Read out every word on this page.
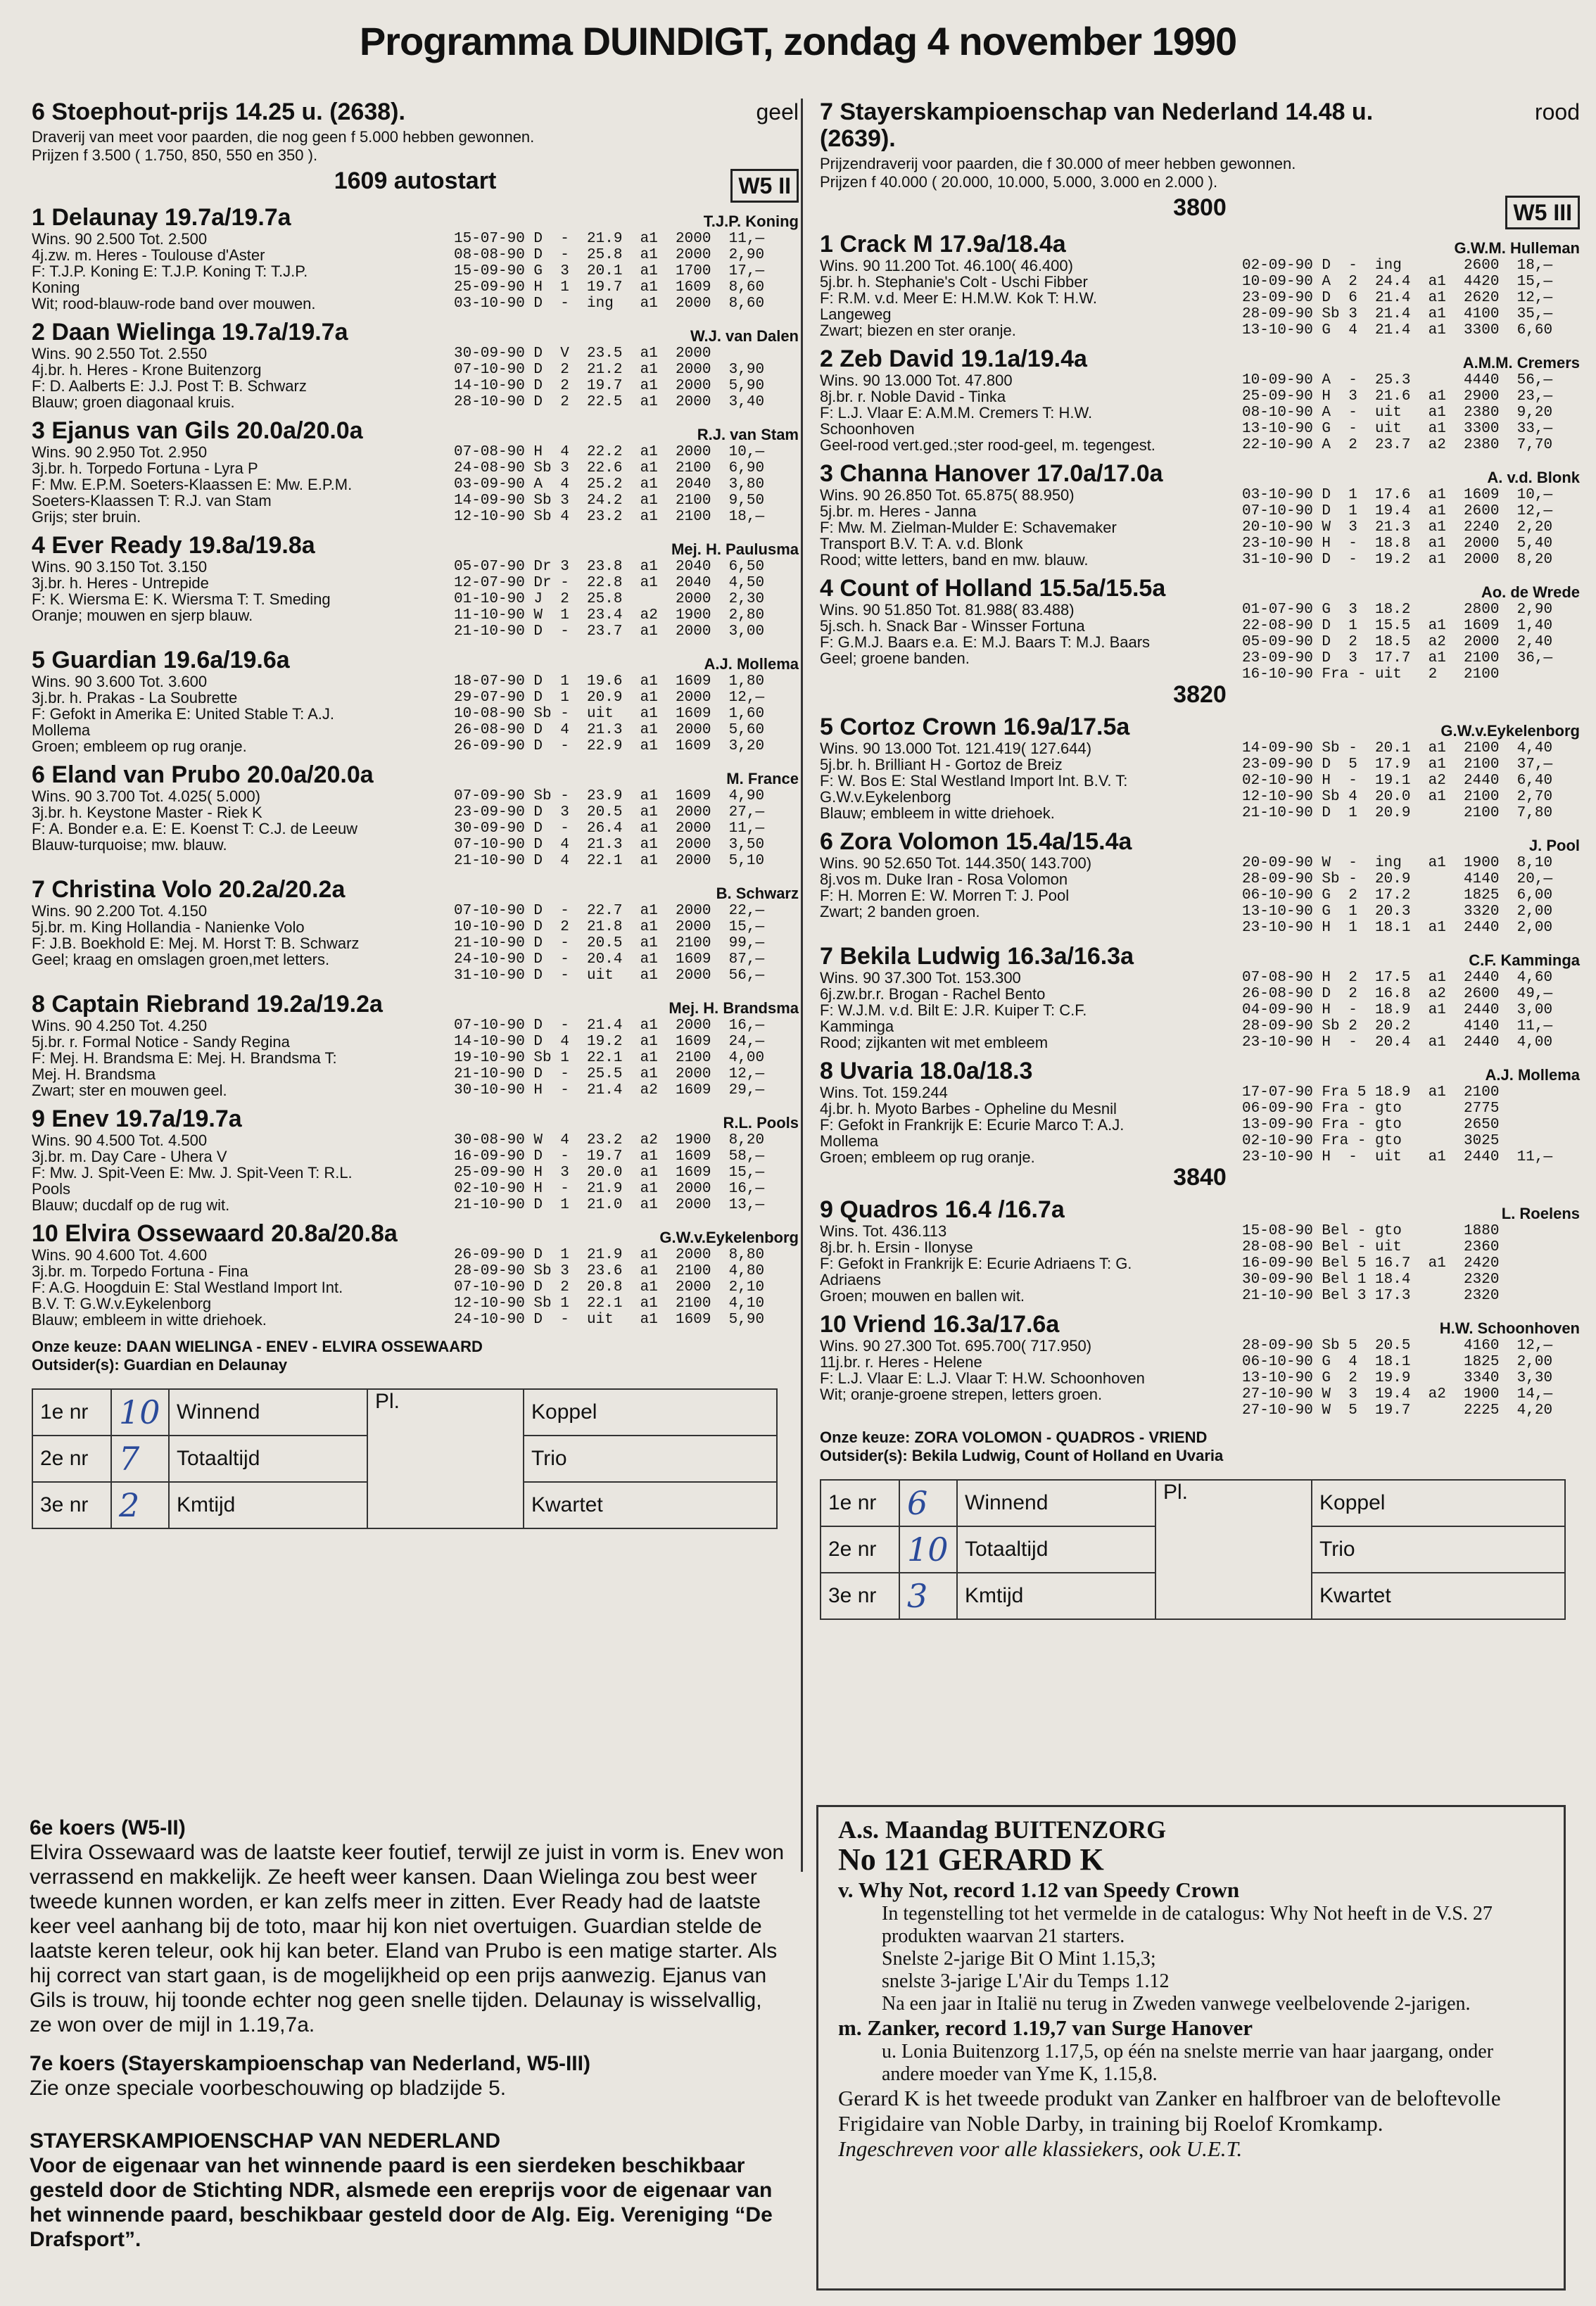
Programma DUINDIGT, zondag 4 november 1990
6 Stoephout-prijs 14.25 u. (2638).	geel
Draverij van meet voor paarden, die nog geen f 5.000 hebben gewonnen.
Prijzen f 3.500 ( 1.750, 850, 550 en 350 ).
1609 autostart	W5 II
1 Delaunay 19.7a/19.7a	T.J.P. Koning
Wins. 90 2.500 Tot. 2.500
4j.zw. m. Heres - Toulouse d'Aster
F: T.J.P. Koning E: T.J.P. Koning T: T.J.P.
Koning
Wit; rood-blauw-rode band over mouwen.
15-07-90 D  -  21.9  a1  2000  11,—
08-08-90 D  -  25.8  a1  2000  2,90
15-09-90 G  3  20.1  a1  1700  17,—
25-09-90 H  1  19.7  a1  1609  8,60
03-10-90 D  -  ing   a1  2000  8,60
2 Daan Wielinga 19.7a/19.7a	W.J. van Dalen
Wins. 90 2.550 Tot. 2.550
4j.br. h. Heres - Krone Buitenzorg
F: D. Aalberts E: J.J. Post T: B. Schwarz
Blauw; groen diagonaal kruis.
30-09-90 D  V  23.5  a1  2000
07-10-90 D  2  21.2  a1  2000  3,90
14-10-90 D  2  19.7  a1  2000  5,90
28-10-90 D  2  22.5  a1  2000  3,40
3 Ejanus van Gils 20.0a/20.0a	R.J. van Stam
Wins. 90 2.950 Tot. 2.950
3j.br. h. Torpedo Fortuna - Lyra P
F: Mw. E.P.M. Soeters-Klaassen E: Mw. E.P.M.
Soeters-Klaassen T: R.J. van Stam
Grijs; ster bruin.
07-08-90 H  4  22.2  a1  2000  10,—
24-08-90 Sb 3  22.6  a1  2100  6,90
03-09-90 A  4  25.2  a1  2040  3,80
14-09-90 Sb 3  24.2  a1  2100  9,50
12-10-90 Sb 4  23.2  a1  2100  18,—
4 Ever Ready 19.8a/19.8a	Mej. H. Paulusma
Wins. 90 3.150 Tot. 3.150
3j.br. h. Heres - Untrepide
F: K. Wiersma E: K. Wiersma T: T. Smeding
Oranje; mouwen en sjerp blauw.
05-07-90 Dr 3  23.8  a1  2040  6,50
12-07-90 Dr -  22.8  a1  2040  4,50
01-10-90 J  2  25.8      2000  2,30
11-10-90 W  1  23.4  a2  1900  2,80
21-10-90 D  -  23.7  a1  2000  3,00
5 Guardian 19.6a/19.6a	A.J. Mollema
Wins. 90 3.600 Tot. 3.600
3j.br. h. Prakas - La Soubrette
F: Gefokt in Amerika E: United Stable T: A.J.
Mollema
Groen; embleem op rug oranje.
18-07-90 D  1  19.6  a1  1609  1,80
29-07-90 D  1  20.9  a1  2000  12,—
10-08-90 Sb -  uit   a1  1609  1,60
26-08-90 D  4  21.3  a1  2000  5,60
26-09-90 D  -  22.9  a1  1609  3,20
6 Eland van Prubo 20.0a/20.0a	M. France
Wins. 90 3.700 Tot. 4.025( 5.000)
3j.br. h. Keystone Master - Riek K
F: A. Bonder e.a. E: E. Koenst T: C.J. de Leeuw
Blauw-turquoise; mw. blauw.
07-09-90 Sb -  23.9  a1  1609  4,90
23-09-90 D  3  20.5  a1  2000  27,—
30-09-90 D  -  26.4  a1  2000  11,—
07-10-90 D  4  21.3  a1  2000  3,50
21-10-90 D  4  22.1  a1  2000  5,10
7 Christina Volo 20.2a/20.2a	B. Schwarz
Wins. 90 2.200 Tot. 4.150
5j.br. m. King Hollandia - Nanienke Volo
F: J.B. Boekhold E: Mej. M. Horst T: B. Schwarz
Geel; kraag en omslagen groen,met letters.
07-10-90 D  -  22.7  a1  2000  22,—
10-10-90 D  2  21.8  a1  2000  15,—
21-10-90 D  -  20.5  a1  2100  99,—
24-10-90 D  -  20.4  a1  1609  87,—
31-10-90 D  -  uit   a1  2000  56,—
8 Captain Riebrand 19.2a/19.2a	Mej. H. Brandsma
Wins. 90 4.250 Tot. 4.250
5j.br. r. Formal Notice - Sandy Regina
F: Mej. H. Brandsma E: Mej. H. Brandsma T:
Mej. H. Brandsma
Zwart; ster en mouwen geel.
07-10-90 D  -  21.4  a1  2000  16,—
14-10-90 D  4  19.2  a1  1609  24,—
19-10-90 Sb 1  22.1  a1  2100  4,00
21-10-90 D  -  25.5  a1  2000  12,—
30-10-90 H  -  21.4  a2  1609  29,—
9 Enev 19.7a/19.7a	R.L. Pools
Wins. 90 4.500 Tot. 4.500
3j.br. m. Day Care - Uhera V
F: Mw. J. Spit-Veen E: Mw. J. Spit-Veen T: R.L.
Pools
Blauw; ducdalf op de rug wit.
30-08-90 W  4  23.2  a2  1900  8,20
16-09-90 D  -  19.7  a1  1609  58,—
25-09-90 H  3  20.0  a1  1609  15,—
02-10-90 H  -  21.9  a1  2000  16,—
21-10-90 D  1  21.0  a1  2000  13,—
10 Elvira Ossewaard 20.8a/20.8a	G.W.v.Eykelenborg
Wins. 90 4.600 Tot. 4.600
3j.br. m. Torpedo Fortuna - Fina
F: A.G. Hoogduin E: Stal Westland Import Int.
B.V. T: G.W.v.Eykelenborg
Blauw; embleem in witte driehoek.
26-09-90 D  1  21.9  a1  2000  8,80
28-09-90 Sb 3  23.6  a1  2100  4,80
07-10-90 D  2  20.8  a1  2000  2,10
12-10-90 Sb 1  22.1  a1  2100  4,10
24-10-90 D  -  uit   a1  1609  5,90
Onze keuze: DAAN WIELINGA - ENEV - ELVIRA OSSEWAARD
Outsider(s): Guardian en Delaunay
1e nr	10	Winnend	Pl.	Koppel
2e nr	7	Totaaltijd		Trio
3e nr	2	Kmtijd		Kwartet
7 Stayerskampioenschap van Nederland 14.48 u. (2639).
rood
Prijzendraverij voor paarden, die f 30.000 of meer hebben gewonnen.
Prijzen f 40.000 ( 20.000, 10.000, 5.000, 3.000 en 2.000 ).
3800	W5 III
1 Crack M 17.9a/18.4a	G.W.M. Hulleman
Wins. 90 11.200 Tot. 46.100( 46.400)
5j.br. h. Stephanie's Colt - Uschi Fibber
F: R.M. v.d. Meer E: H.M.W. Kok T: H.W.
Langeweg
Zwart; biezen en ster oranje.
02-09-90 D  -  ing       2600  18,—
10-09-90 A  2  24.4  a1  4420  15,—
23-09-90 D  6  21.4  a1  2620  12,—
28-09-90 Sb 3  21.4  a1  4100  35,—
13-10-90 G  4  21.4  a1  3300  6,60
2 Zeb David 19.1a/19.4a	A.M.M. Cremers
Wins. 90 13.000 Tot. 47.800
8j.br. r. Noble David - Tinka
F: L.J. Vlaar E: A.M.M. Cremers T: H.W.
Schoonhoven
Geel-rood vert.ged.;ster rood-geel, m. tegengest.
10-09-90 A  -  25.3      4440  56,—
25-09-90 H  3  21.6  a1  2900  23,—
08-10-90 A  -  uit   a1  2380  9,20
13-10-90 G  -  uit   a1  3300  33,—
22-10-90 A  2  23.7  a2  2380  7,70
3 Channa Hanover 17.0a/17.0a	A. v.d. Blonk
Wins. 90 26.850 Tot. 65.875( 88.950)
5j.br. m. Heres - Janna
F: Mw. M. Zielman-Mulder E: Schavemaker
Transport B.V. T: A. v.d. Blonk
Rood; witte letters, band en mw. blauw.
03-10-90 D  1  17.6  a1  1609  10,—
07-10-90 D  1  19.4  a1  2600  12,—
20-10-90 W  3  21.3  a1  2240  2,20
23-10-90 H  -  18.8  a1  2000  5,40
31-10-90 D  -  19.2  a1  2000  8,20
4 Count of Holland 15.5a/15.5a	Ao. de Wrede
Wins. 90 51.850 Tot. 81.988( 83.488)
5j.sch. h. Snack Bar - Winsser Fortuna
F: G.M.J. Baars e.a. E: M.J. Baars T: M.J. Baars
Geel; groene banden.
01-07-90 G  3  18.2      2800  2,90
22-08-90 D  1  15.5  a1  1609  1,40
05-09-90 D  2  18.5  a2  2000  2,40
23-09-90 D  3  17.7  a1  2100  36,—
16-10-90 Fra - uit   2   2100
3820
5 Cortoz Crown 16.9a/17.5a	G.W.v.Eykelenborg
Wins. 90 13.000 Tot. 121.419( 127.644)
5j.br. h. Brilliant H - Gortoz de Breiz
F: W. Bos E: Stal Westland Import Int. B.V. T:
G.W.v.Eykelenborg
Blauw; embleem in witte driehoek.
14-09-90 Sb -  20.1  a1  2100  4,40
23-09-90 D  5  17.9  a1  2100  37,—
02-10-90 H  -  19.1  a2  2440  6,40
12-10-90 Sb 4  20.0  a1  2100  2,70
21-10-90 D  1  20.9      2100  7,80
6 Zora Volomon 15.4a/15.4a	J. Pool
Wins. 90 52.650 Tot. 144.350( 143.700)
8j.vos m. Duke Iran - Rosa Volomon
F: H. Morren E: W. Morren T: J. Pool
Zwart; 2 banden groen.
20-09-90 W  -  ing   a1  1900  8,10
28-09-90 Sb -  20.9      4140  20,—
06-10-90 G  2  17.2      1825  6,00
13-10-90 G  1  20.3      3320  2,00
23-10-90 H  1  18.1  a1  2440  2,00
7 Bekila Ludwig 16.3a/16.3a	C.F. Kamminga
Wins. 90 37.300 Tot. 153.300
6j.zw.br.r. Brogan - Rachel Bento
F: W.J.M. v.d. Bilt E: J.R. Kuiper T: C.F.
Kamminga
Rood; zijkanten wit met embleem
07-08-90 H  2  17.5  a1  2440  4,60
26-08-90 D  2  16.8  a2  2600  49,—
04-09-90 H  -  18.9  a1  2440  3,00
28-09-90 Sb 2  20.2      4140  11,—
23-10-90 H  -  20.4  a1  2440  4,00
8 Uvaria 18.0a/18.3	A.J. Mollema
Wins. Tot. 159.244
4j.br. h. Myoto Barbes - Opheline du Mesnil
F: Gefokt in Frankrijk E: Ecurie Marco T: A.J.
Mollema
Groen; embleem op rug oranje.
17-07-90 Fra 5 18.9  a1  2100
06-09-90 Fra - gto       2775
13-09-90 Fra - gto       2650
02-10-90 Fra - gto       3025
23-10-90 H  -  uit   a1  2440  11,—
3840
9 Quadros 16.4 /16.7a	L. Roelens
Wins. Tot. 436.113
8j.br. h. Ersin - Ilonyse
F: Gefokt in Frankrijk E: Ecurie Adriaens T: G.
Adriaens
Groen; mouwen en ballen wit.
15-08-90 Bel - gto       1880
28-08-90 Bel - uit       2360
16-09-90 Bel 5 16.7  a1  2420
30-09-90 Bel 1 18.4      2320
21-10-90 Bel 3 17.3      2320
10 Vriend 16.3a/17.6a	H.W. Schoonhoven
Wins. 90 27.300 Tot. 695.700( 717.950)
11j.br. r. Heres - Helene
F: L.J. Vlaar E: L.J. Vlaar T: H.W. Schoonhoven
Wit; oranje-groene strepen, letters groen.
28-09-90 Sb 5  20.5      4160  12,—
06-10-90 G  4  18.1      1825  2,00
13-10-90 G  2  19.9      3340  3,30
27-10-90 W  3  19.4  a2  1900  14,—
27-10-90 W  5  19.7      2225  4,20
Onze keuze: ZORA VOLOMON - QUADROS - VRIEND
Outsider(s): Bekila Ludwig, Count of Holland en Uvaria
1e nr	6	Winnend	Pl.	Koppel
2e nr	10	Totaaltijd		Trio
3e nr	3	Kmtijd		Kwartet
6e koers (W5-II)

Elvira Ossewaard was de laatste keer foutief, terwijl ze juist in vorm is. Enev won verrassend en makkelijk. Ze heeft weer kansen. Daan Wielinga zou best weer tweede kunnen worden, er kan zelfs meer in zitten. Ever Ready had de laatste keer veel aanhang bij de toto, maar hij kon niet overtuigen. Guardian stelde de laatste keren teleur, ook hij kan beter. Eland van Prubo is een matige starter. Als hij correct van start gaan, is de mogelijkheid op een prijs aanwezig. Ejanus van Gils is trouw, hij toonde echter nog geen snelle tijden. Delaunay is wisselvallig, ze won over de mijl in 1.19,7a.

7e koers (Stayerskampioenschap van Nederland, W5-III)

Zie onze speciale voorbeschouwing op bladzijde 5.

STAYERSKAMPIOENSCHAP VAN NEDERLAND

Voor de eigenaar van het winnende paard is een sierdeken beschikbaar gesteld door de Stichting NDR, alsmede een ereprijs voor de eigenaar van het winnende paard, beschikbaar gesteld door de Alg. Eig. Vereniging “De Drafsport”.

A.s. Maandag BUITENZORG
No 121 GERARD K
v. Why Not, record 1.12 van Speedy Crown
In tegenstelling tot het vermelde in de catalogus: Why Not heeft in de V.S. 27 produkten waarvan 21 starters.
Snelste 2-jarige Bit O Mint 1.15,3;
snelste 3-jarige L'Air du Temps 1.12
Na een jaar in Italië nu terug in Zweden vanwege veelbelovende 2-jarigen.
m. Zanker, record 1.19,7 van Surge Hanover
u. Lonia Buitenzorg 1.17,5, op één na snelste merrie van haar jaargang, onder andere moeder van Yme K, 1.15,8.
Gerard K is het tweede produkt van Zanker en halfbroer van de beloftevolle Frigidaire van Noble Darby, in training bij Roelof Kromkamp.
Ingeschreven voor alle klassiekers, ook U.E.T.
